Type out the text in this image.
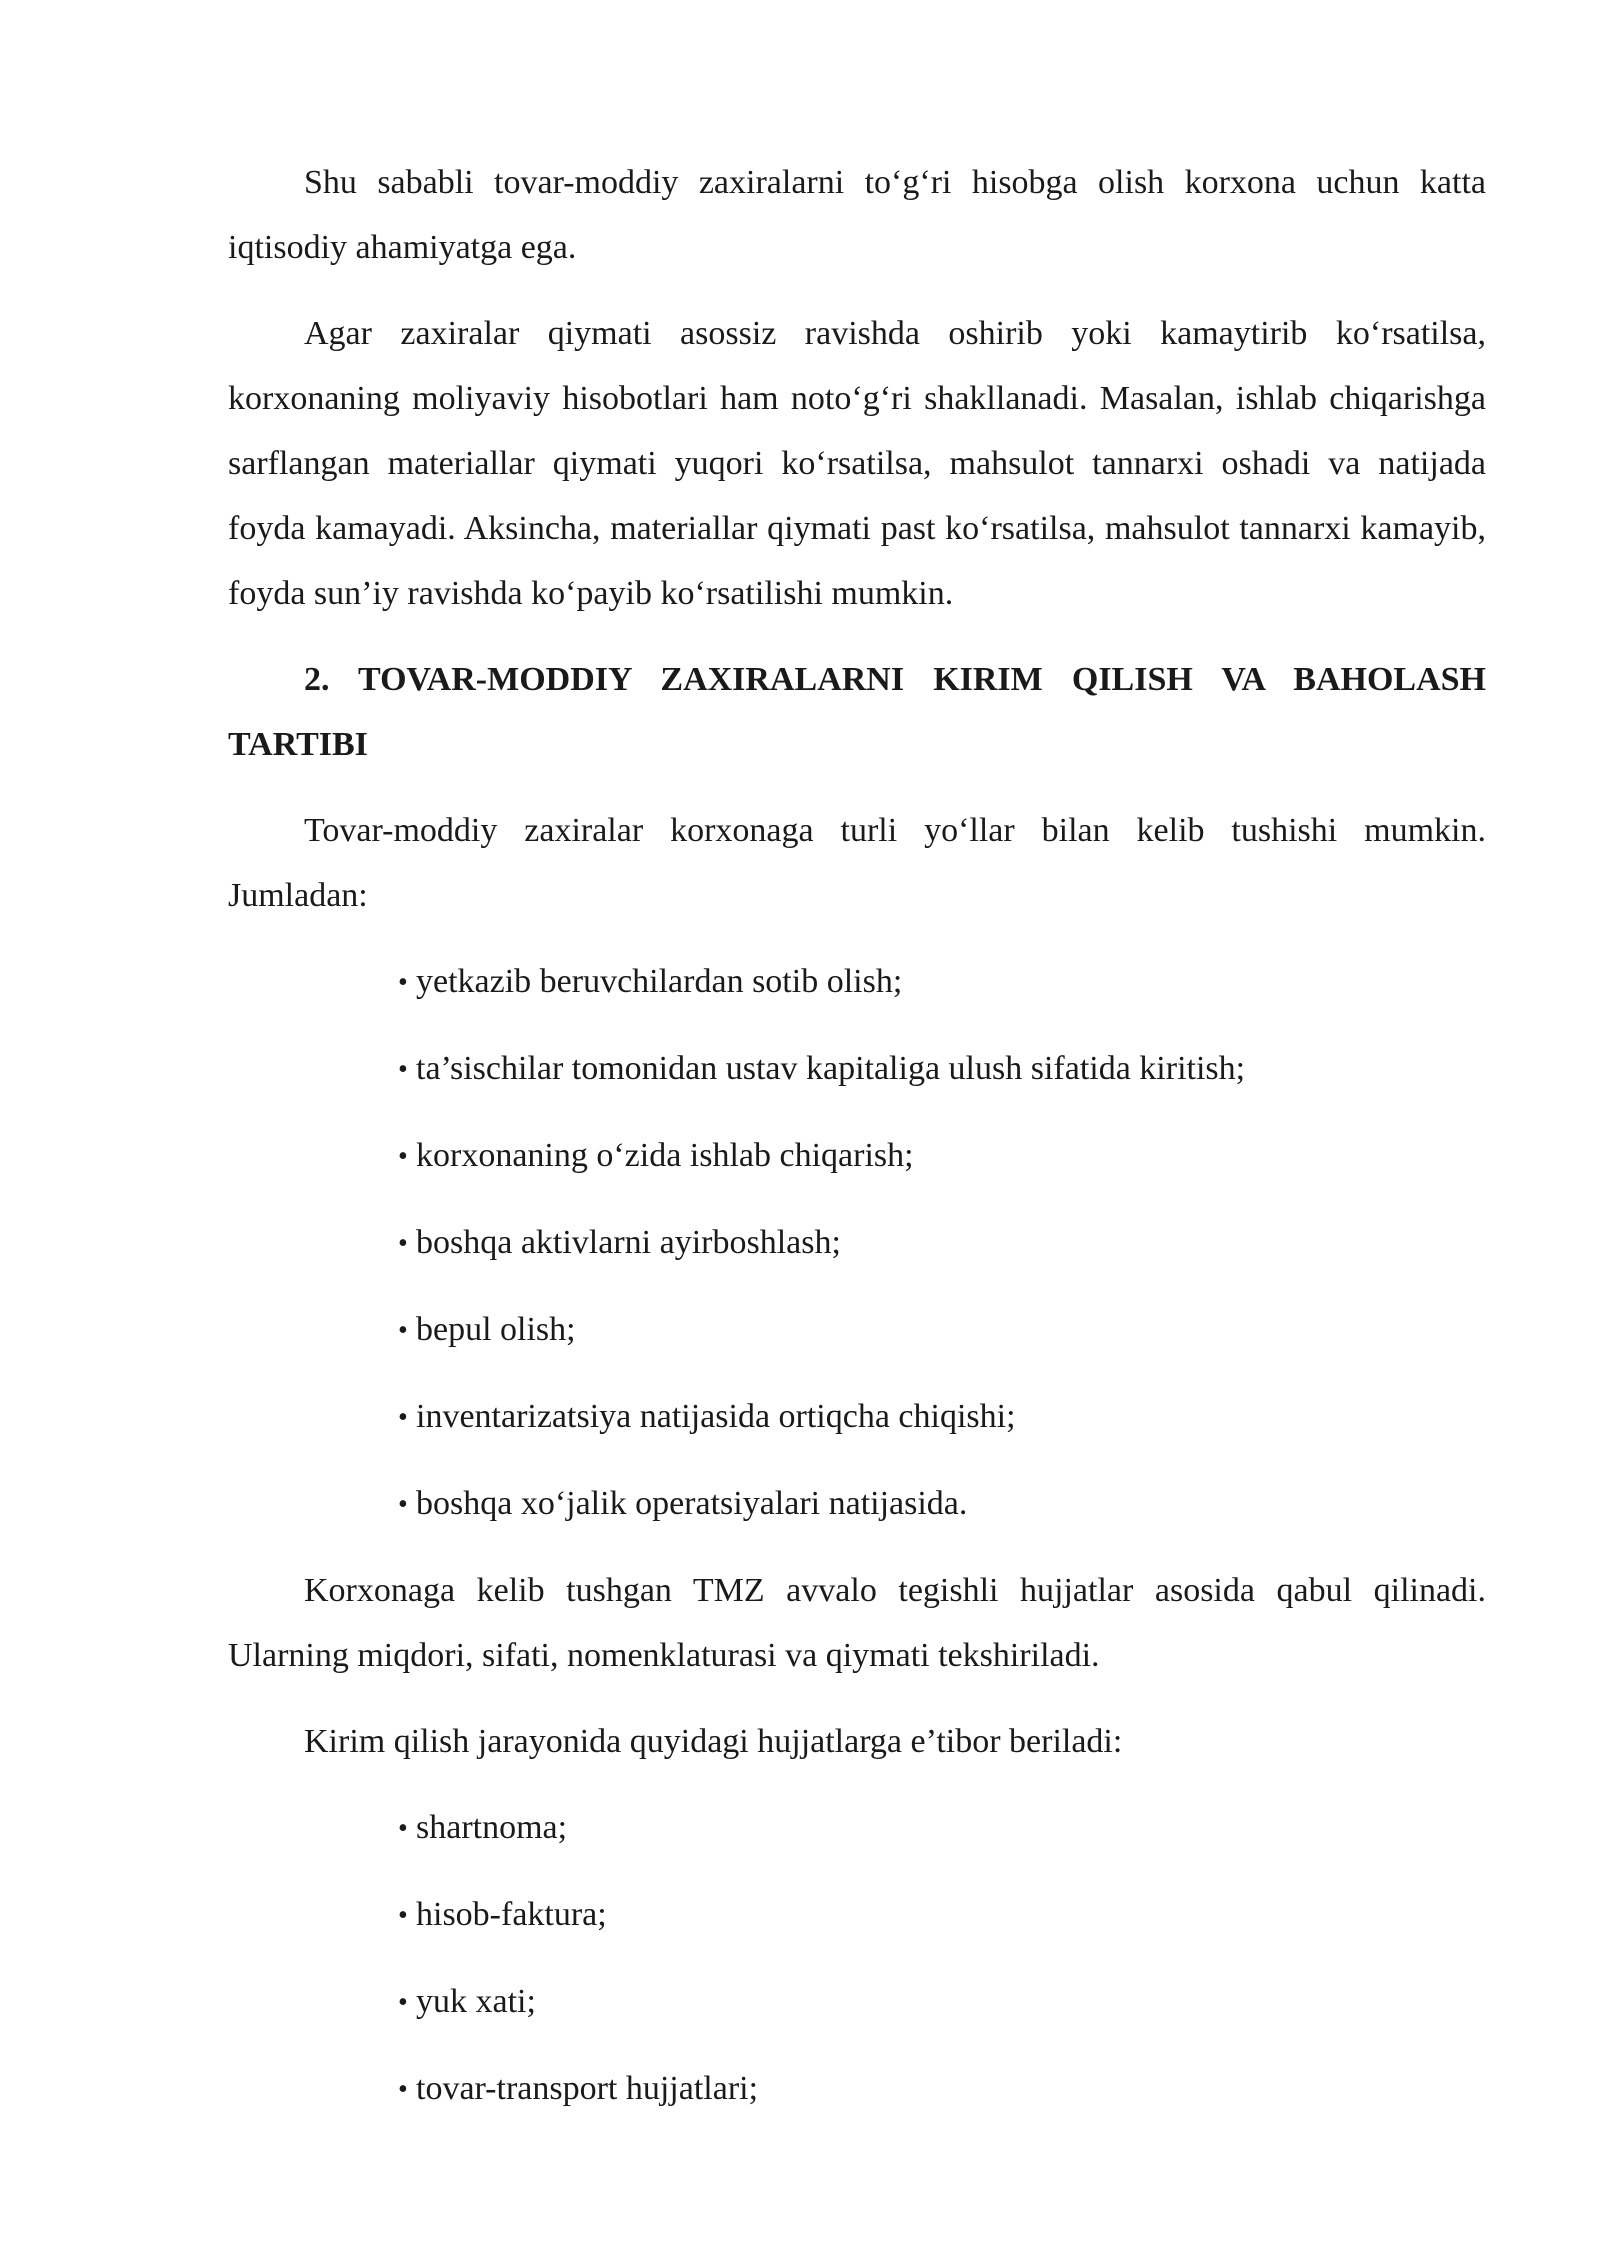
Shu sababli tovar-moddiy zaxiralarni to‘g‘ri hisobga olish korxona uchun katta iqtisodiy ahamiyatga ega.

Agar zaxiralar qiymati asossiz ravishda oshirib yoki kamaytirib ko‘rsatilsa, korxonaning moliyaviy hisobotlari ham noto‘g‘ri shakllanadi. Masalan, ishlab chiqarishga sarflangan materiallar qiymati yuqori ko‘rsatilsa, mahsulot tannarxi oshadi va natijada foyda kamayadi. Aksincha, materiallar qiymati past ko‘rsatilsa, mahsulot tannarxi kamayib, foyda sun’iy ravishda ko‘payib ko‘rsatilishi mumkin.

2. TOVAR-MODDIY ZAXIRALARNI KIRIM QILISH VA BAHOLASH TARTIBI

Tovar-moddiy zaxiralar korxonaga turli yo‘llar bilan kelib tushishi mumkin. Jumladan:

• yetkazib beruvchilardan sotib olish;
• ta’sischilar tomonidan ustav kapitaliga ulush sifatida kiritish;
• korxonaning o‘zida ishlab chiqarish;
• boshqa aktivlarni ayirboshlash;
• bepul olish;
• inventarizatsiya natijasida ortiqcha chiqishi;
• boshqa xo‘jalik operatsiyalari natijasida.

Korxonaga kelib tushgan TMZ avvalo tegishli hujjatlar asosida qabul qilinadi. Ularning miqdori, sifati, nomenklaturasi va qiymati tekshiriladi.

Kirim qilish jarayonida quyidagi hujjatlarga e’tibor beriladi:

• shartnoma;
• hisob-faktura;
• yuk xati;
• tovar-transport hujjatlari;
